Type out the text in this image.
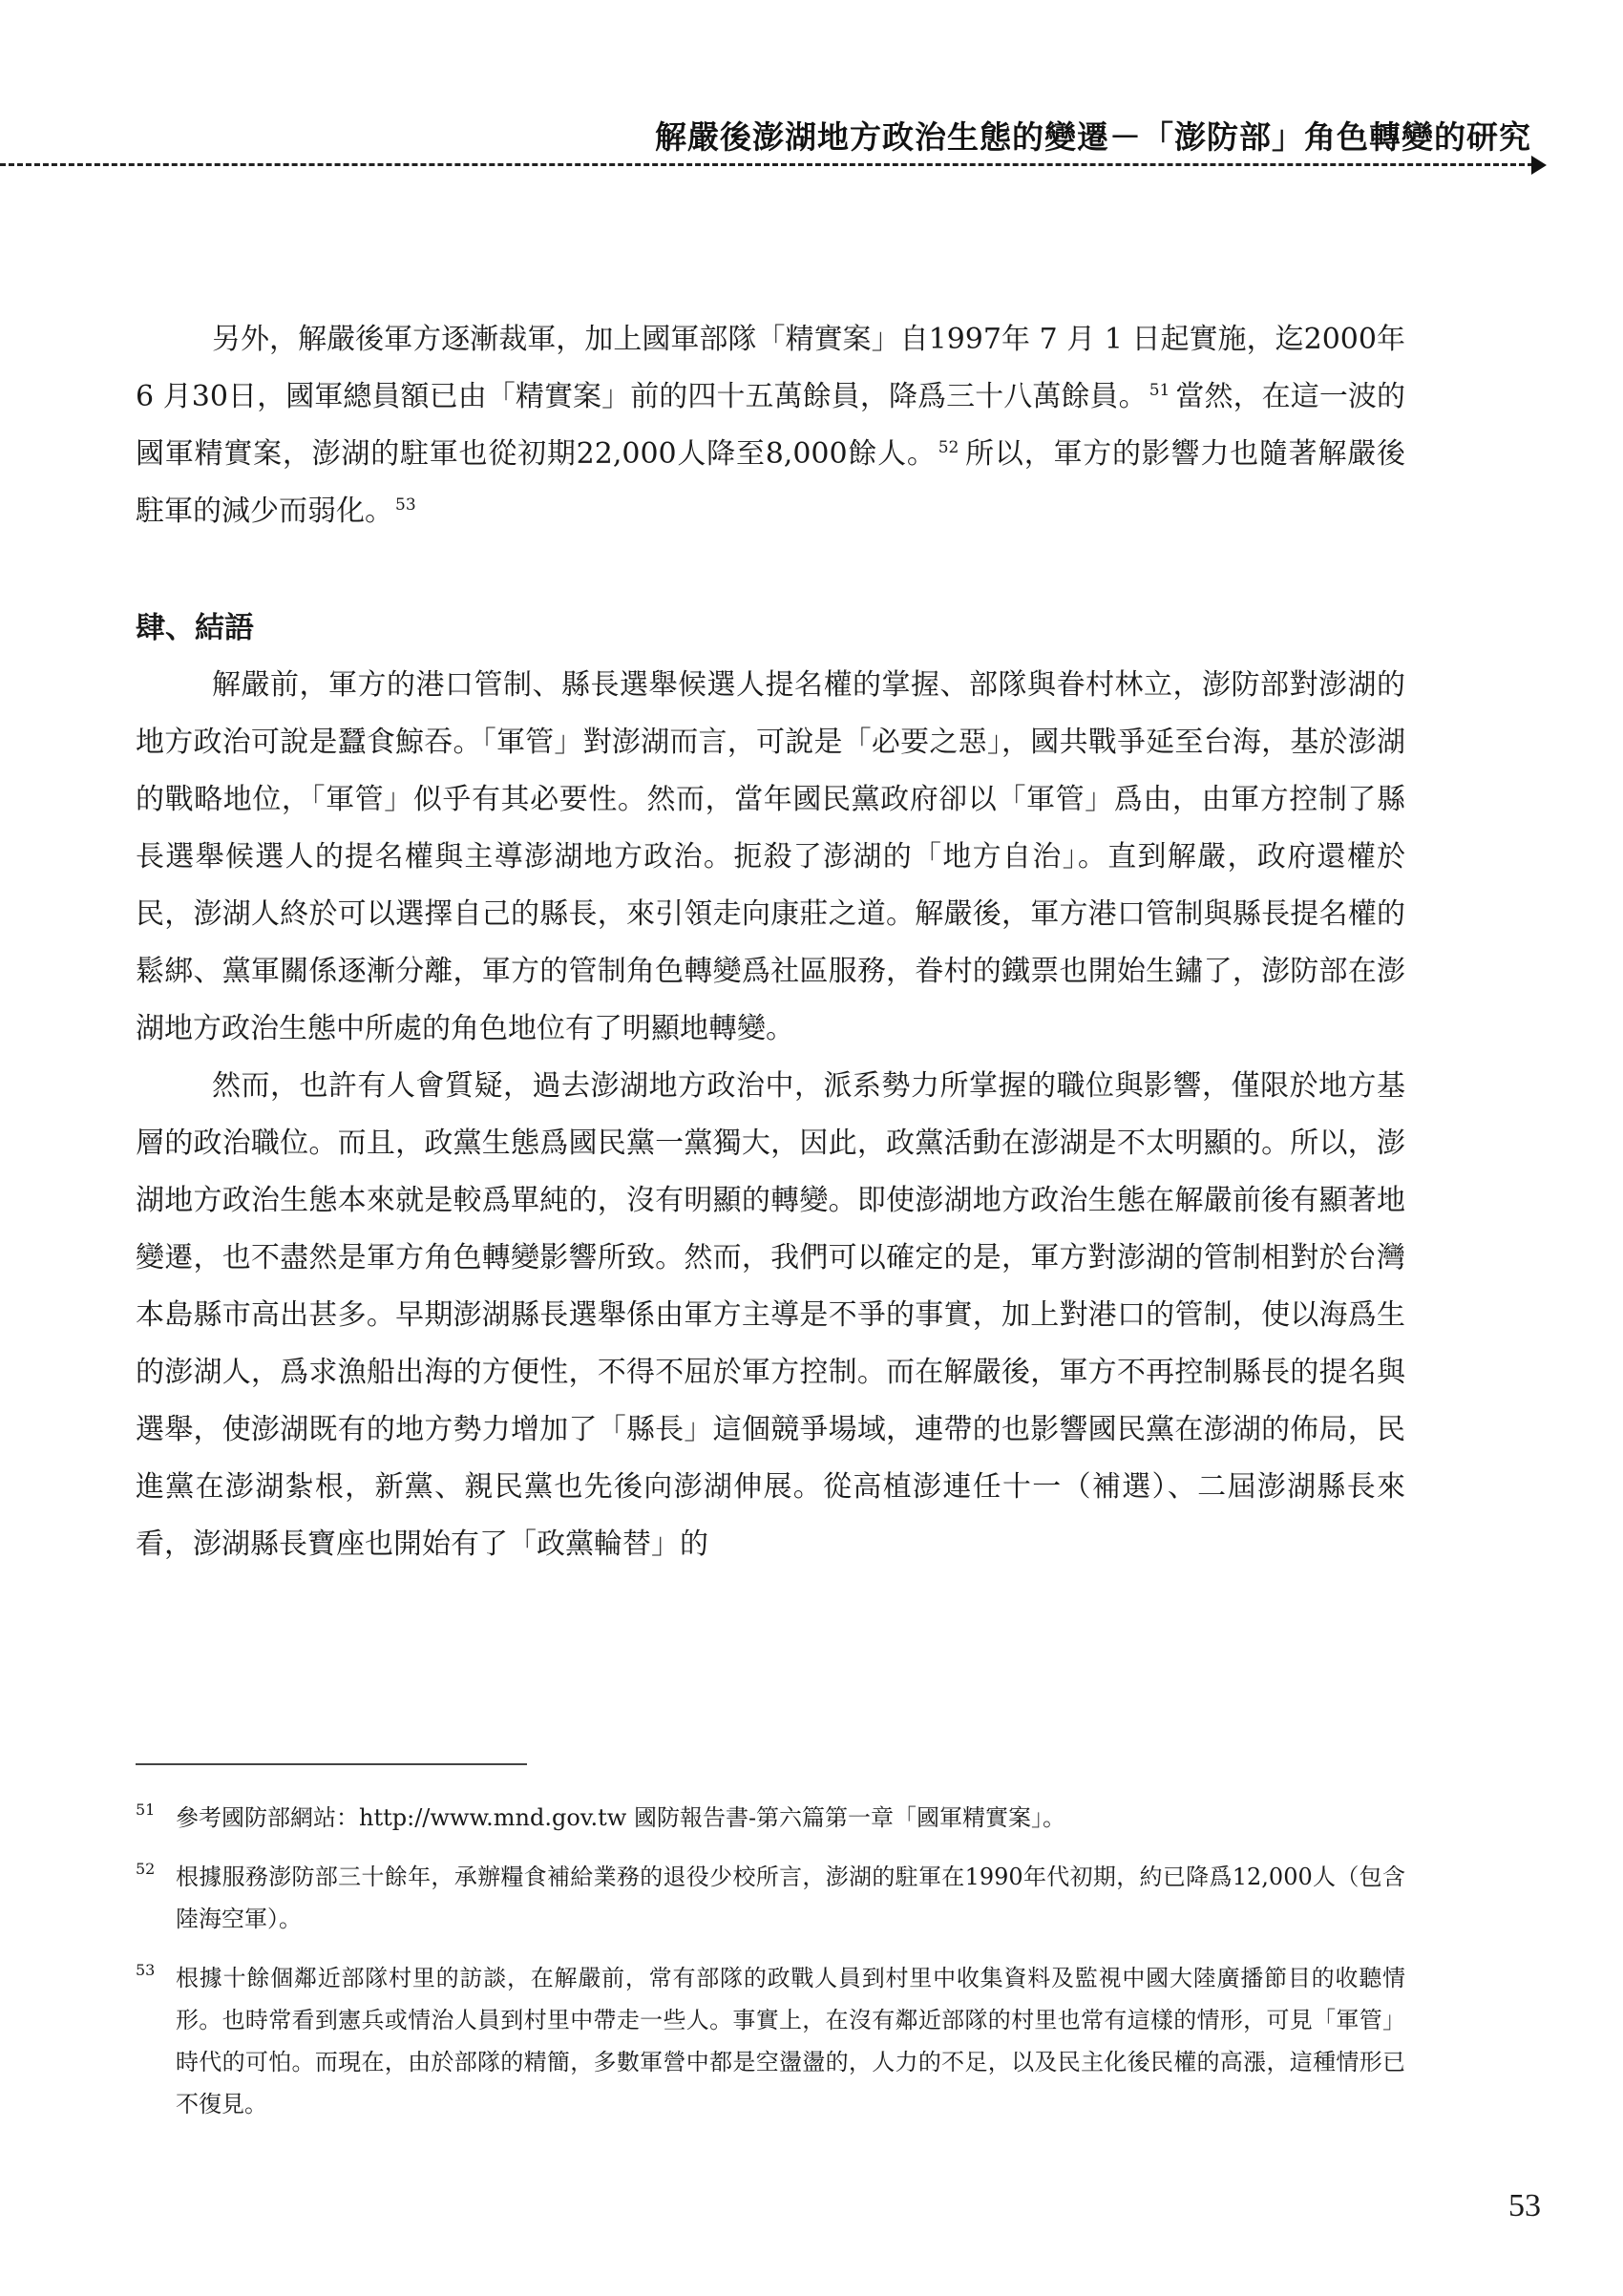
解嚴後澎湖地方政治生態的變遷－「澎防部」角色轉變的研究

另外，解嚴後軍方逐漸裁軍，加上國軍部隊「精實案」自1997年 7 月 1 日起實施，迄2000年 6 月30日，國軍總員額已由「精實案」前的四十五萬餘員，降爲三十八萬餘員。 $^{51}$ 當然，在這一波的國軍精實案，澎湖的駐軍也從初期22,000人降至8,000餘人。 $^{52}$ 所以，軍方的影響力也隨著解嚴後駐軍的減少而弱化。 $^{53}$

肆、結語

解嚴前，軍方的港口管制、縣長選舉候選人提名權的掌握、部隊與眷村林立，澎防部對澎湖的地方政治可說是蠶食鯨吞。「軍管」對澎湖而言，可說是「必要之惡」，國共戰爭延至台海，基於澎湖的戰略地位，「軍管」似乎有其必要性。然而，當年國民黨政府卻以「軍管」爲由，由軍方控制了縣長選舉候選人的提名權與主導澎湖地方政治。扼殺了澎湖的「地方自治」。直到解嚴，政府還權於民，澎湖人終於可以選擇自己的縣長，來引領走向康莊之道。解嚴後，軍方港口管制與縣長提名權的鬆綁、黨軍關係逐漸分離，軍方的管制角色轉變爲社區服務，眷村的鐵票也開始生鏽了，澎防部在澎湖地方政治生態中所處的角色地位有了明顯地轉變。

然而，也許有人會質疑，過去澎湖地方政治中，派系勢力所掌握的職位與影響，僅限於地方基層的政治職位。而且，政黨生態爲國民黨一黨獨大，因此，政黨活動在澎湖是不太明顯的。所以，澎湖地方政治生態本來就是較爲單純的，沒有明顯的轉變。即使澎湖地方政治生態在解嚴前後有顯著地變遷，也不盡然是軍方角色轉變影響所致。然而，我們可以確定的是，軍方對澎湖的管制相對於台灣本島縣市高出甚多。早期澎湖縣長選舉係由軍方主導是不爭的事實，加上對港口的管制，使以海爲生的澎湖人，爲求漁船出海的方便性，不得不屈於軍方控制。而在解嚴後，軍方不再控制縣長的提名與選舉，使澎湖既有的地方勢力增加了「縣長」這個競爭場域，連帶的也影響國民黨在澎湖的佈局，民進黨在澎湖紮根，新黨、親民黨也先後向澎湖伸展。從高植澎連任十一（補選）、二屆澎湖縣長來看，澎湖縣長寶座也開始有了「政黨輪替」的

51 參考國防部網站：http://www.mnd.gov.tw 國防報告書-第六篇第一章「國軍精實案」。
52 根據服務澎防部三十餘年，承辦糧食補給業務的退役少校所言，澎湖的駐軍在1990年代初期，約已降爲12,000人（包含陸海空軍）。
53 根據十餘個鄰近部隊村里的訪談，在解嚴前，常有部隊的政戰人員到村里中收集資料及監視中國大陸廣播節目的收聽情形。也時常看到憲兵或情治人員到村里中帶走一些人。事實上，在沒有鄰近部隊的村里也常有這樣的情形，可見「軍管」時代的可怕。而現在，由於部隊的精簡，多數軍營中都是空盪盪的，人力的不足，以及民主化後民權的高漲，這種情形已不復見。
53
